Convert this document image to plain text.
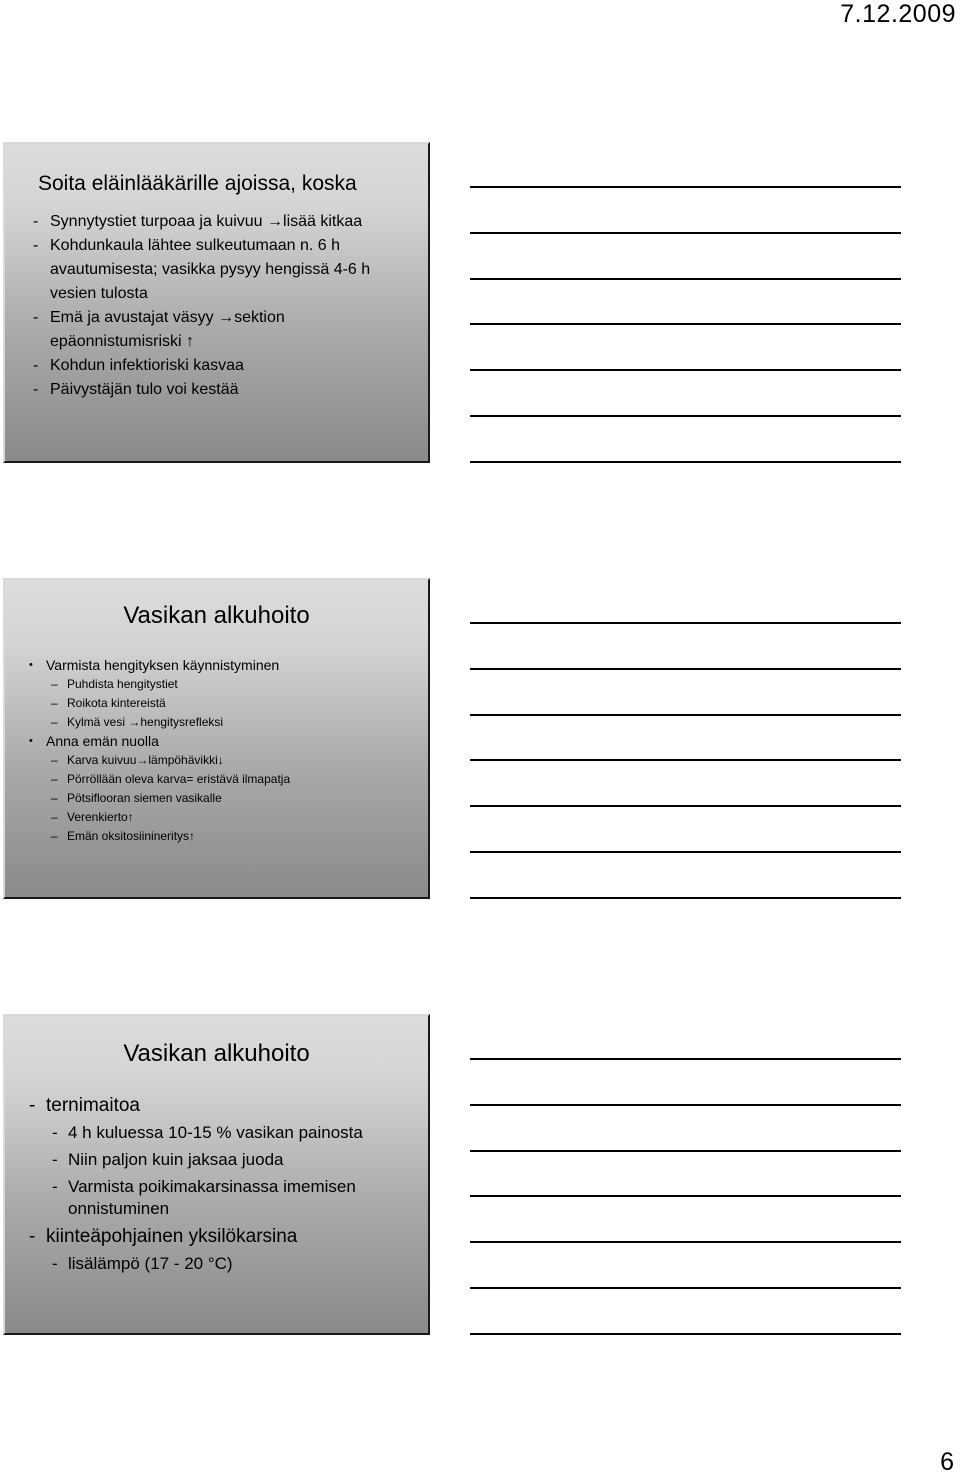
7.12.2009
Soita eläinlääkärille ajoissa, koska
- Synnytystiet turpoaa ja kuivuu →lisää kitkaa
- Kohdunkaula lähtee sulkeutumaan n. 6 h avautumisesta; vasikka pysyy hengissä 4-6 h vesien tulosta
- Emä ja avustajat väsyy →sektion epäonnistumisriski ↑
- Kohdun infektioriski kasvaa
- Päivystäjän tulo voi kestää
Vasikan alkuhoito
• Varmista hengityksen käynnistyminen
– Puhdista hengitystiet
– Roikota kintereistä
– Kylmä vesi →hengitysrefleksi
• Anna emän nuolla
– Karva kuivuu→lämpöhävikki↓
– Pörröllään oleva karva= eristävä ilmapatja
– Pötsiflooran siemen vasikalle
– Verenkierto↑
– Emän oksitosiinineritys↑
Vasikan alkuhoito
- ternimaitoa
- 4 h kuluessa 10-15 % vasikan painosta
- Niin paljon kuin jaksaa juoda
- Varmista poikimakarsinassa imemisen onnistuminen
- kiinteäpohjainen yksilökarsina
- lisälämpö (17 - 20 °C)
6
